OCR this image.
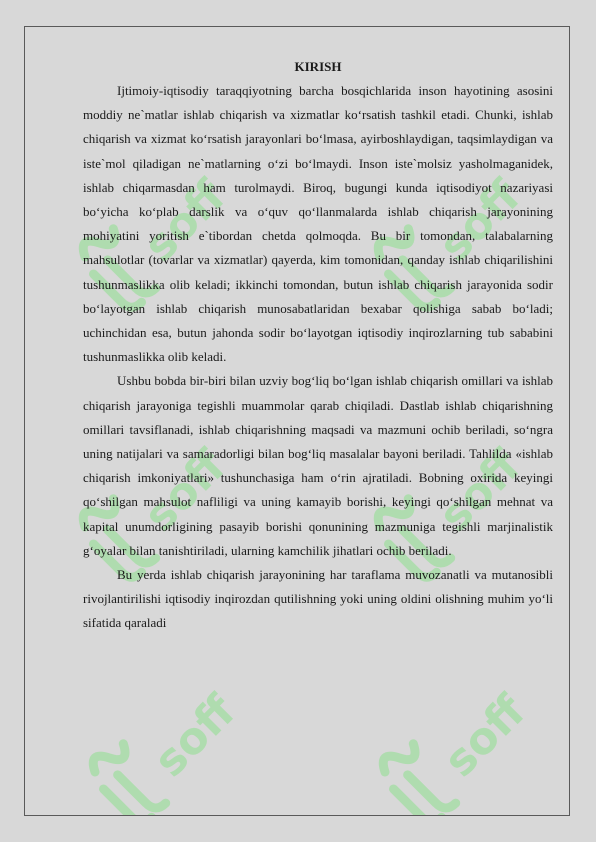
soff	soff
soff	soff
soff	soff
KIRISH

Ijtimoiy-iqtisodiy taraqqiyotning barcha bosqichlarida inson hayotining asosini moddiy ne`matlar ishlab chiqarish va xizmatlar ko‘rsatish tashkil etadi. Chunki, ishlab chiqarish va xizmat ko‘rsatish jarayonlari bo‘lmasa, ayirboshlaydigan, taqsimlaydigan va iste`mol qiladigan ne`matlarning o‘zi bo‘lmaydi. Inson iste`molsiz yasholmaganidek, ishlab chiqarmasdan ham turolmaydi. Biroq, bugungi kunda iqtisodiyot nazariyasi bo‘yicha ko‘plab darslik va o‘quv qo‘llanmalarda ishlab chiqarish jarayonining mohiyatini yoritish e`tibordan chetda qolmoqda. Bu bir tomondan, talabalarning mahsulotlar (tovarlar va xizmatlar) qayerda, kim tomonidan, qanday ishlab chiqarilishini tushunmaslikka olib keladi; ikkinchi tomondan, butun ishlab chiqarish jarayonida sodir bo‘layotgan ishlab chiqarish munosabatlaridan bexabar qolishiga sabab bo‘ladi; uchinchidan esa, butun jahonda sodir bo‘layotgan iqtisodiy inqirozlarning tub sababini tushunmaslikka olib keladi.

Ushbu bobda bir-biri bilan uzviy bog‘liq bo‘lgan ishlab chiqarish omillari va ishlab chiqarish jarayoniga tegishli muammolar qarab chiqiladi. Dastlab ishlab chiqarishning omillari tavsiflanadi, ishlab chiqarishning maqsadi va mazmuni ochib beriladi, so‘ngra uning natijalari va samaradorligi bilan bog‘liq masalalar bayoni beriladi. Tahlilda «ishlab chiqarish imkoniyatlari» tushunchasiga ham o‘rin ajratiladi. Bobning oxirida keyingi qo‘shilgan mahsulot nafliligi va uning kamayib borishi, keyingi qo‘shilgan mehnat va kapital unumdorligining pasayib borishi qonunining mazmuniga tegishli marjinalistik g‘oyalar bilan tanishtiriladi, ularning kamchilik jihatlari ochib beriladi.

Bu yerda ishlab chiqarish jarayonining har taraflama muvozanatli va mutanosibli rivojlantirilishi iqtisodiy inqirozdan qutilishning yoki uning oldini olishning muhim yo‘li sifatida qaraladi
